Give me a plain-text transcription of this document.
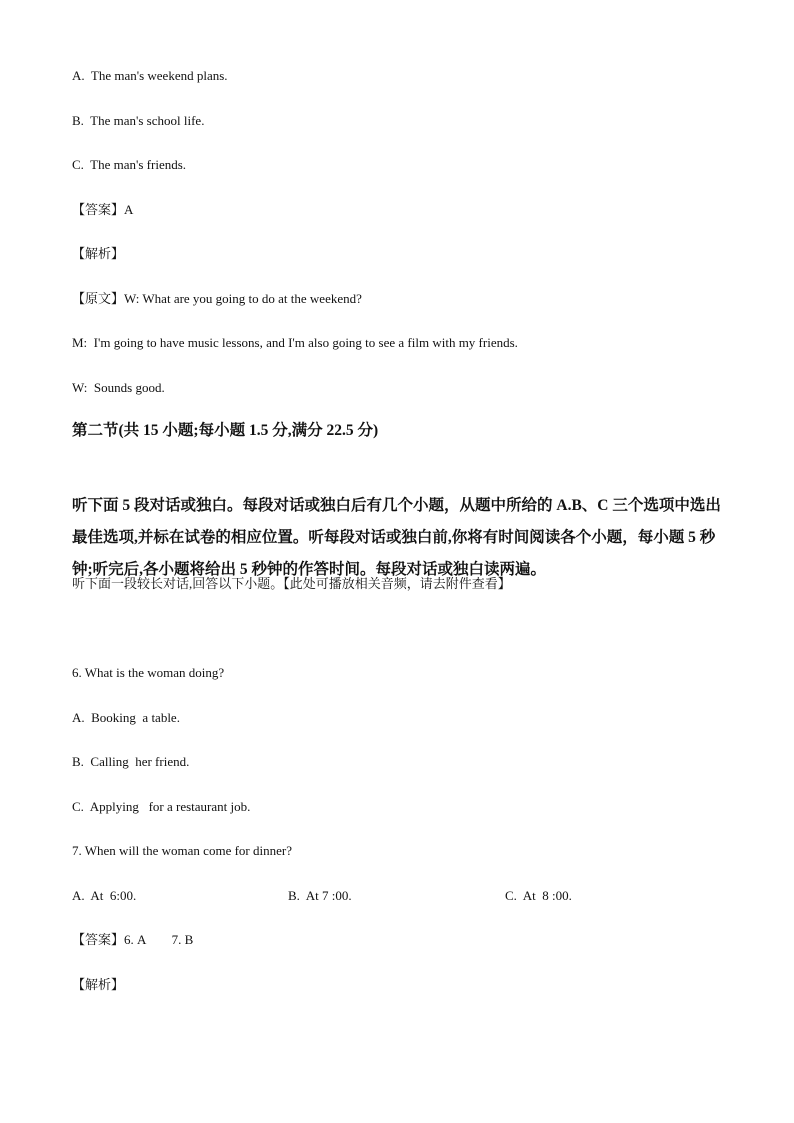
A.  The man's weekend plans.
B.  The man's school life.
C.  The man's friends.
【答案】A
【解析】
【原文】W: What are you going to do at the weekend?
M:  I'm going to have music lessons, and I'm also going to see a film with my friends.
W:  Sounds good.
第二节(共 15 小题;每小题 1.5 分,满分 22.5 分)
听下面 5 段对话或独白。每段对话或独白后有几个小题，从题中所给的 A.B、C 三个选项中选出最佳选项,并标在试卷的相应位置。听每段对话或独白前,你将有时间阅读各个小题，每小题 5 秒钟;听完后,各小题将给出 5 秒钟的作答时间。每段对话或独白读两遍。
听下面一段较长对话,回答以下小题。【此处可播放相关音频，请去附件查看】
6. What is the woman doing?
A.  Booking  a table.
B.  Calling  her friend.
C.  Applying   for a restaurant job.
7. When will the woman come for dinner?
A.  At  6:00.	B.  At 7 :00.	C.  At  8 :00.
【答案】6. A        7. B
【解析】
